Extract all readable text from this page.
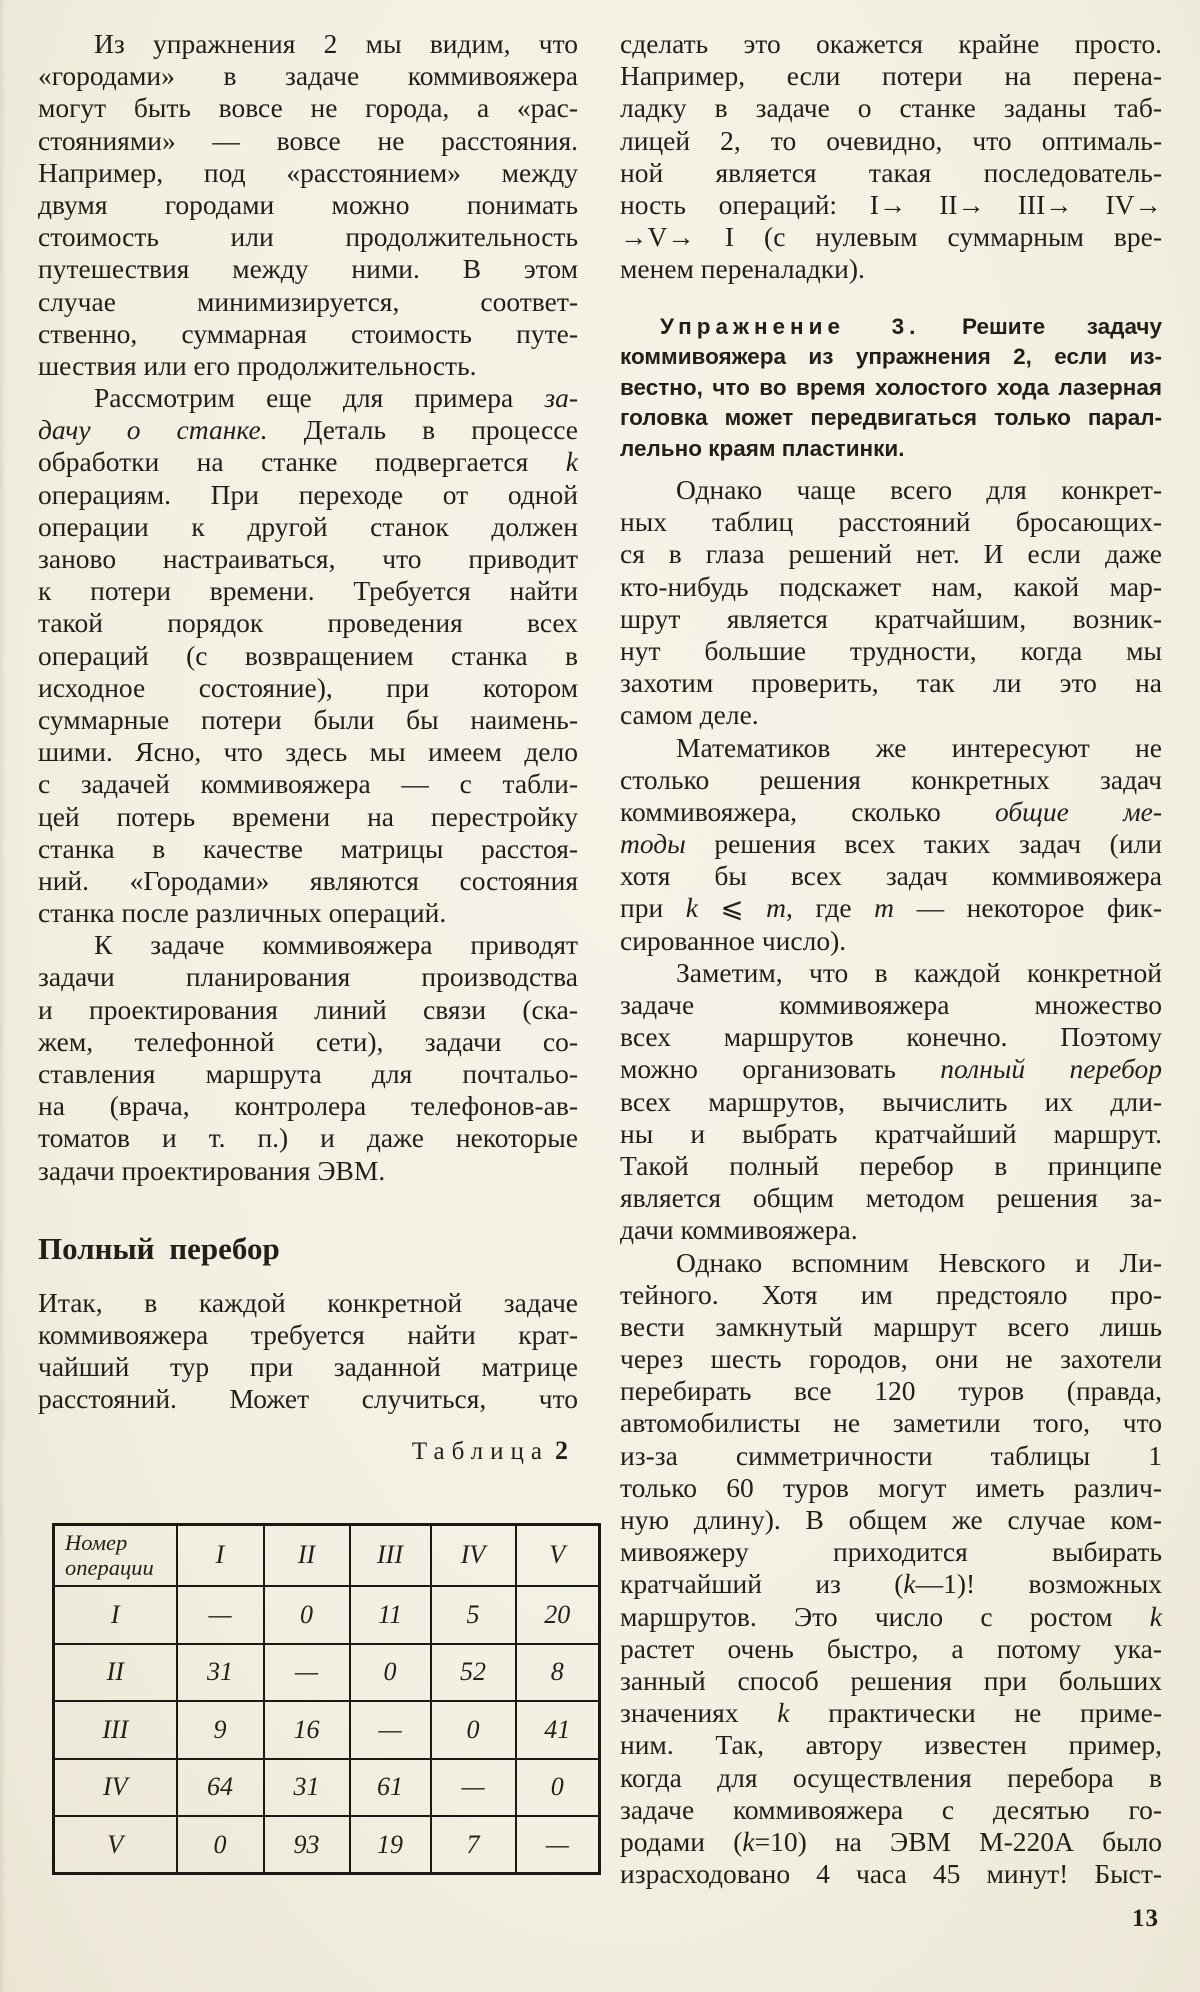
Из упражнения 2 мы видим, что
«городами» в задаче коммивояжера
могут быть вовсе не города, а «рас-
стояниями» — вовсе не расстояния.
Например, под «расстоянием» между
двумя городами можно понимать
стоимость или продолжительность
путешествия между ними. В этом
случае минимизируется, соответ-
ственно, суммарная стоимость путе-
шествия или его продолжительность.
Рассмотрим еще для примера за-
дачу о станке. Деталь в процессе
обработки на станке подвергается k
операциям. При переходе от одной
операции к другой станок должен
заново настраиваться, что приводит
к потери времени. Требуется найти
такой порядок проведения всех
операций (с возвращением станка в
исходное состояние), при котором
суммарные потери были бы наимень-
шими. Ясно, что здесь мы имеем дело
с задачей коммивояжера — с табли-
цей потерь времени на перестройку
станка в качестве матрицы расстоя-
ний. «Городами» являются состояния
станка после различных операций.
К задаче коммивояжера приводят
задачи планирования производства
и проектирования линий связи (ска-
жем, телефонной сети), задачи со-
ставления маршрута для почтальо-
на (врача, контролера телефонов-ав-
томатов и т. п.) и даже некоторые
задачи проектирования ЭВМ.
Полный перебор
Итак, в каждой конкретной задаче
коммивояжера требуется найти крат-
чайший тур при заданной матрице
расстояний. Может случиться, что
Таблица 2
Номер
операции	I	II	III	IV	V
I	—	0	11	5	20
II	31	—	0	52	8
III	9	16	—	0	41
IV	64	31	61	—	0
V	0	93	19	7	—
сделать это окажется крайне просто.
Например, если потери на перена-
ладку в задаче о станке заданы таб-
лицей 2, то очевидно, что оптималь-
ной является такая последователь-
ность операций: I→ II→ III→ IV→
→V→ I (с нулевым суммарным вре-
менем переналадки).
Упражнение 3. Решите задачу
коммивояжера из упражнения 2, если из-
вестно, что во время холостого хода лазерная
головка может передвигаться только парал-
лельно краям пластинки.
Однако чаще всего для конкрет-
ных таблиц расстояний бросающих-
ся в глаза решений нет. И если даже
кто-нибудь подскажет нам, какой мар-
шрут является кратчайшим, возник-
нут большие трудности, когда мы
захотим проверить, так ли это на
самом деле.
Математиков же интересуют не
столько решения конкретных задач
коммивояжера, сколько общие ме-
тоды решения всех таких задач (или
хотя бы всех задач коммивояжера
при k ⩽ m, где m — некоторое фик-
сированное число).
Заметим, что в каждой конкретной
задаче коммивояжера множество
всех маршрутов конечно. Поэтому
можно организовать полный перебор
всех маршрутов, вычислить их дли-
ны и выбрать кратчайший маршрут.
Такой полный перебор в принципе
является общим методом решения за-
дачи коммивояжера.
Однако вспомним Невского и Ли-
тейного. Хотя им предстояло про-
вести замкнутый маршрут всего лишь
через шесть городов, они не захотели
перебирать все 120 туров (правда,
автомобилисты не заметили того, что
из-за симметричности таблицы 1
только 60 туров могут иметь различ-
ную длину). В общем же случае ком-
мивояжеру приходится выбирать
кратчайший из (k—1)! возможных
маршрутов. Это число с ростом k
растет очень быстро, а потому ука-
занный способ решения при больших
значениях k практически не приме-
ним. Так, автору известен пример,
когда для осуществления перебора в
задаче коммивояжера с десятью го-
родами (k=10) на ЭВМ М-220А было
израсходовано 4 часа 45 минут! Быст-
13
